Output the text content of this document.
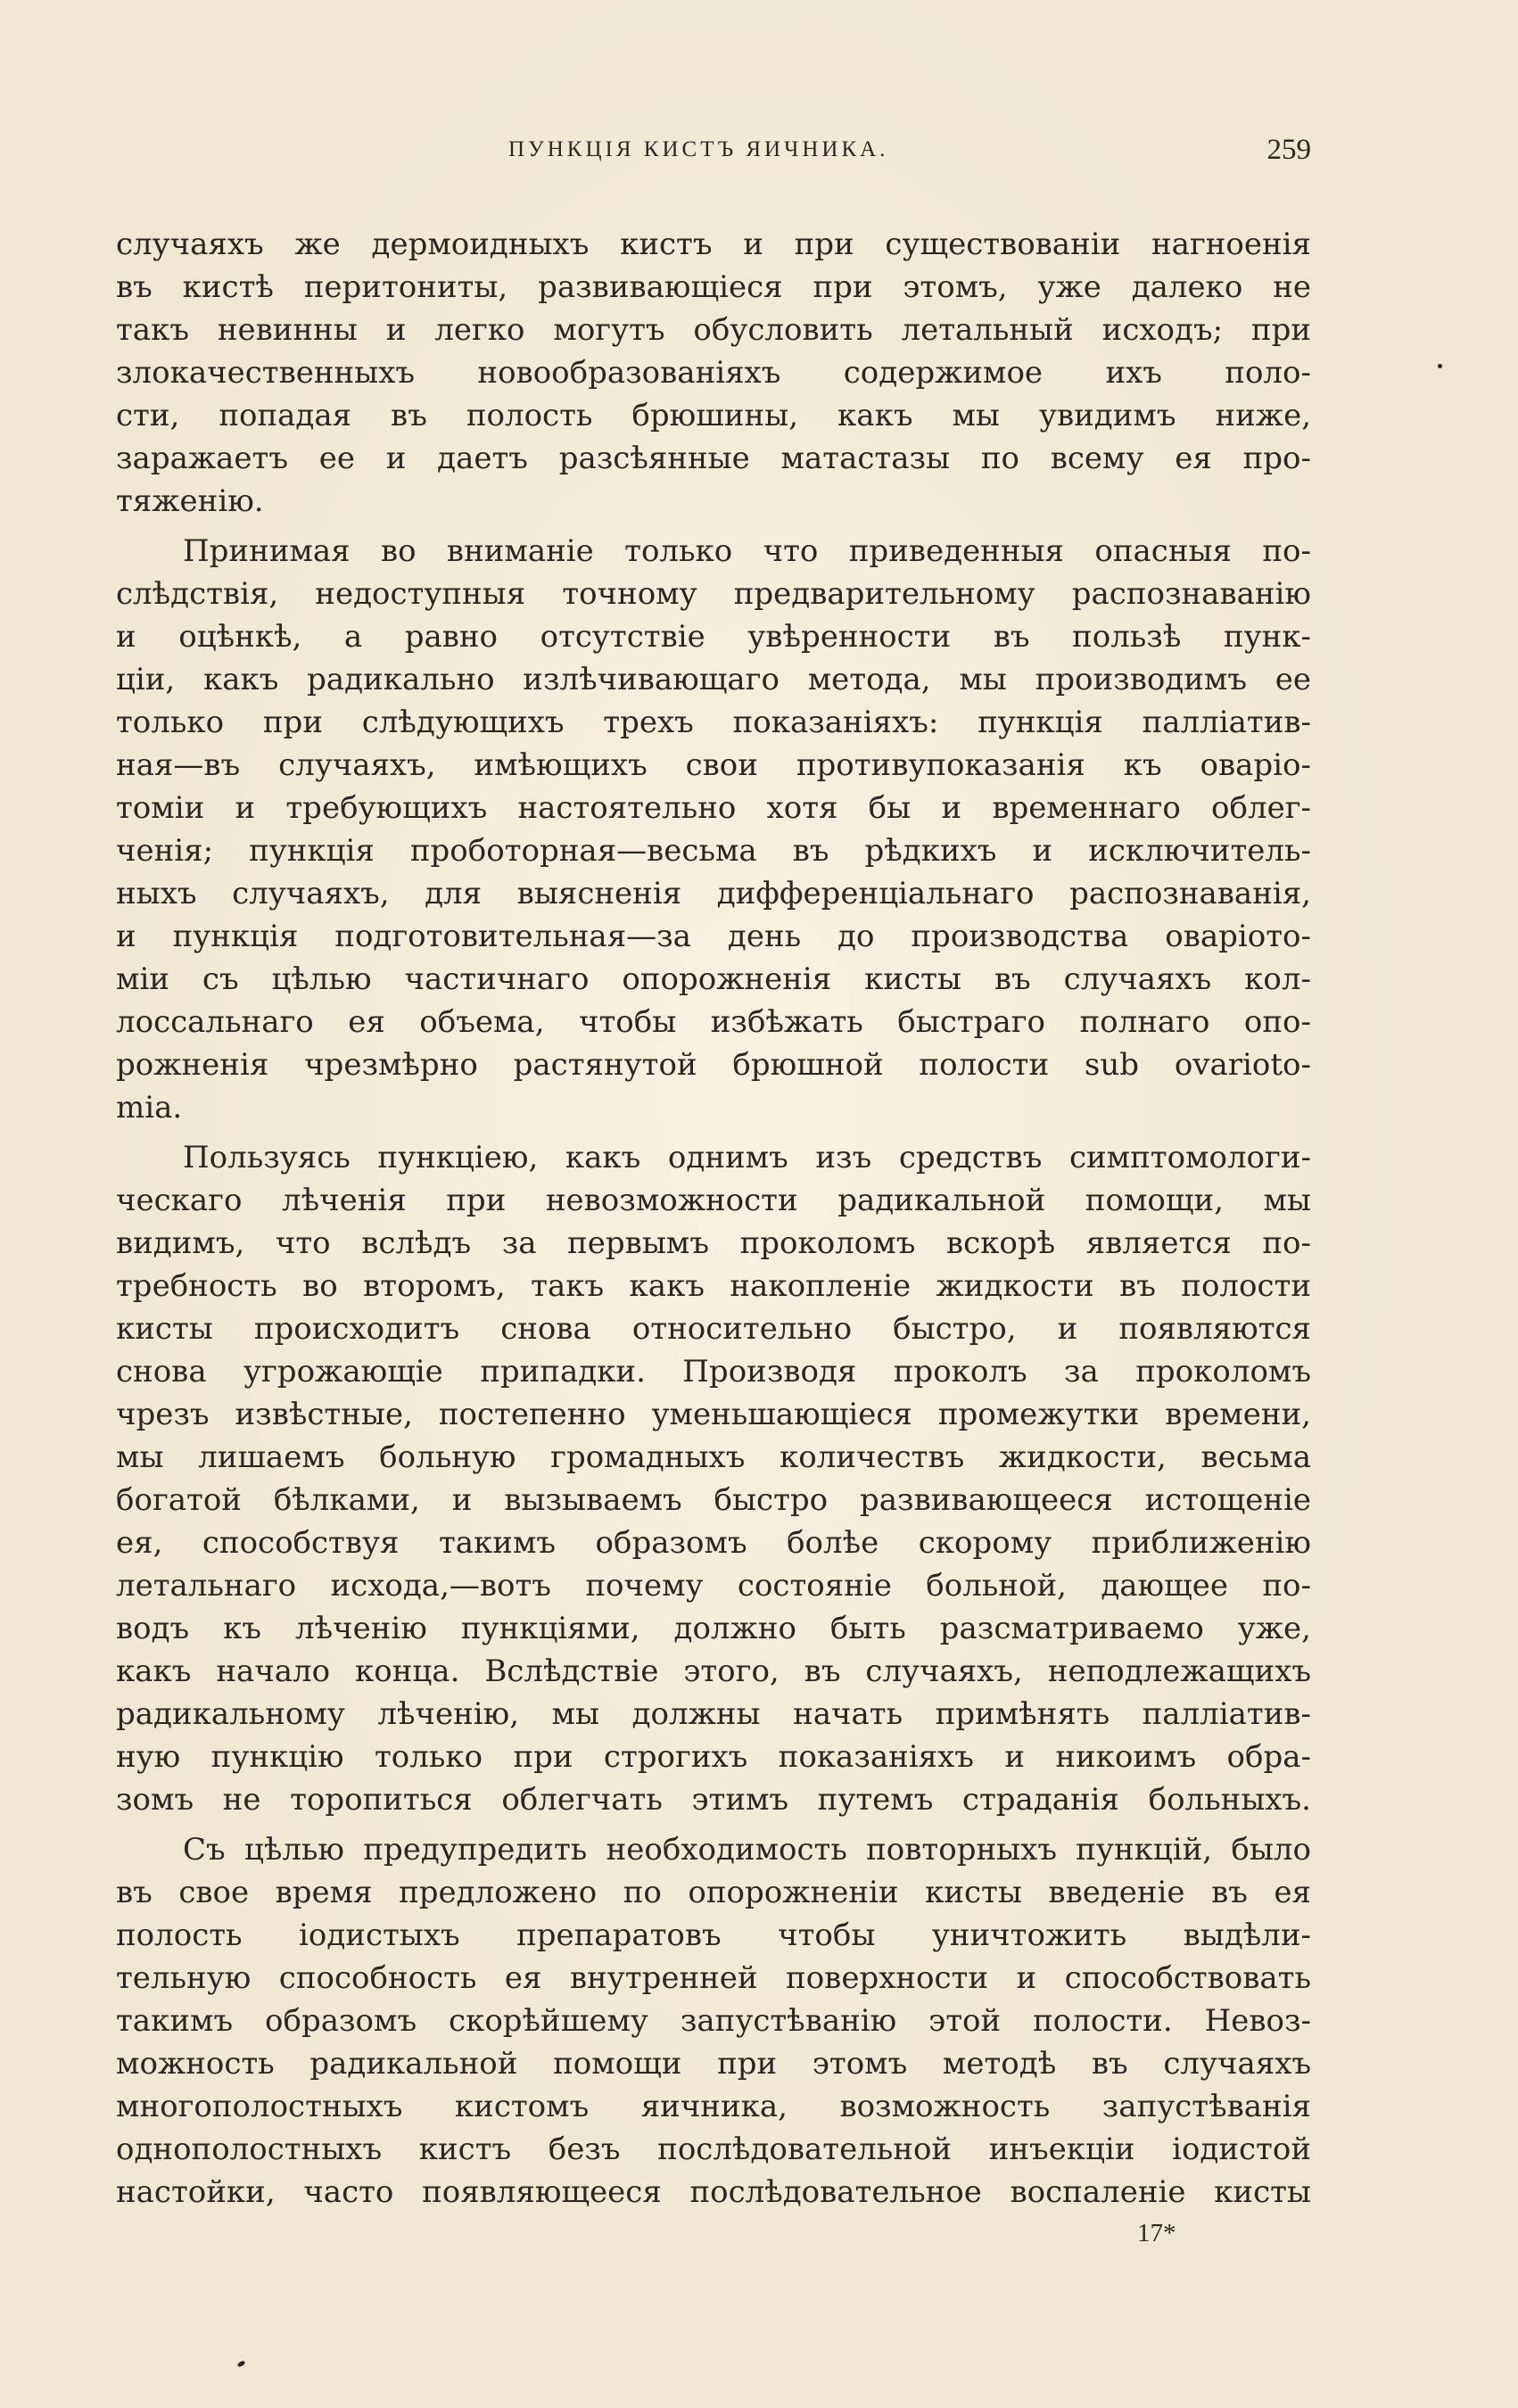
ПУНКЦІЯ КИСТЪ ЯИЧНИКА.	259
случаяхъ же дермоидныхъ кистъ и при существованіи нагноенія
въ кистѣ перитониты, развивающіеся при этомъ, уже далеко не
такъ невинны и легко могутъ обусловить летальный исходъ; при
злокачественныхъ новообразованіяхъ содержимое ихъ поло-
сти, попадая въ полость брюшины, какъ мы увидимъ ниже,
заражаетъ ее и даетъ разсѣянные матастазы по всему ея про-
тяженію.
Принимая во вниманіе только что приведенныя опасныя по-
слѣдствія, недоступныя точному предварительному распознаванію
и оцѣнкѣ, а равно отсутствіе увѣренности въ пользѣ пунк-
ціи, какъ радикально излѣчивающаго метода, мы производимъ ее
только при слѣдующихъ трехъ показаніяхъ: пункція палліатив-
ная—въ случаяхъ, имѣющихъ свои противупоказанія къ оваріо-
томіи и требующихъ настоятельно хотя бы и временнаго облег-
ченія; пункція проботорная—весьма въ рѣдкихъ и исключитель-
ныхъ случаяхъ, для выясненія дифференціальнаго распознаванія,
и пункція подготовительная—за день до производства оваріото-
міи съ цѣлью частичнаго опорожненія кисты въ случаяхъ кол-
лоссальнаго ея объема, чтобы избѣжать быстраго полнаго опо-
рожненія чрезмѣрно растянутой брюшной полости sub ovariotо-
mia.
Пользуясь пункціею, какъ однимъ изъ средствъ симптомологи-
ческаго лѣченія при невозможности радикальной помощи, мы
видимъ, что вслѣдъ за первымъ проколомъ вскорѣ является по-
требность во второмъ, такъ какъ накопленіе жидкости въ полости
кисты происходитъ снова относительно быстро, и появляются
снова угрожающіе припадки. Производя проколъ за проколомъ
чрезъ извѣстные, постепенно уменьшающіеся промежутки времени,
мы лишаемъ больную громадныхъ количествъ жидкости, весьма
богатой бѣлками, и вызываемъ быстро развивающееся истощеніе
ея, способствуя такимъ образомъ болѣе скорому приближенію
летальнаго исхода,—вотъ почему состояніе больной, дающее по-
водъ къ лѣченію пункціями, должно быть разсматриваемо уже,
какъ начало конца. Вслѣдствіе этого, въ случаяхъ, неподлежащихъ
радикальному лѣченію, мы должны начать примѣнять палліатив-
ную пункцію только при строгихъ показаніяхъ и никоимъ обра-
зомъ не торопиться облегчать этимъ путемъ страданія больныхъ.
Съ цѣлью предупредить необходимость повторныхъ пункцій, было
въ свое время предложено по опорожненіи кисты введеніе въ ея
полость іодистыхъ препаратовъ чтобы уничтожить выдѣли-
тельную способность ея внутренней поверхности и способствовать
такимъ образомъ скорѣйшему запустѣванію этой полости. Невоз-
можность радикальной помощи при этомъ методѣ въ случаяхъ
многополостныхъ кистомъ яичника, возможность запустѣванія
однополостныхъ кистъ безъ послѣдовательной инъекціи іодистой
настойки, часто появляющееся послѣдовательное воспаленіе кисты
17*
